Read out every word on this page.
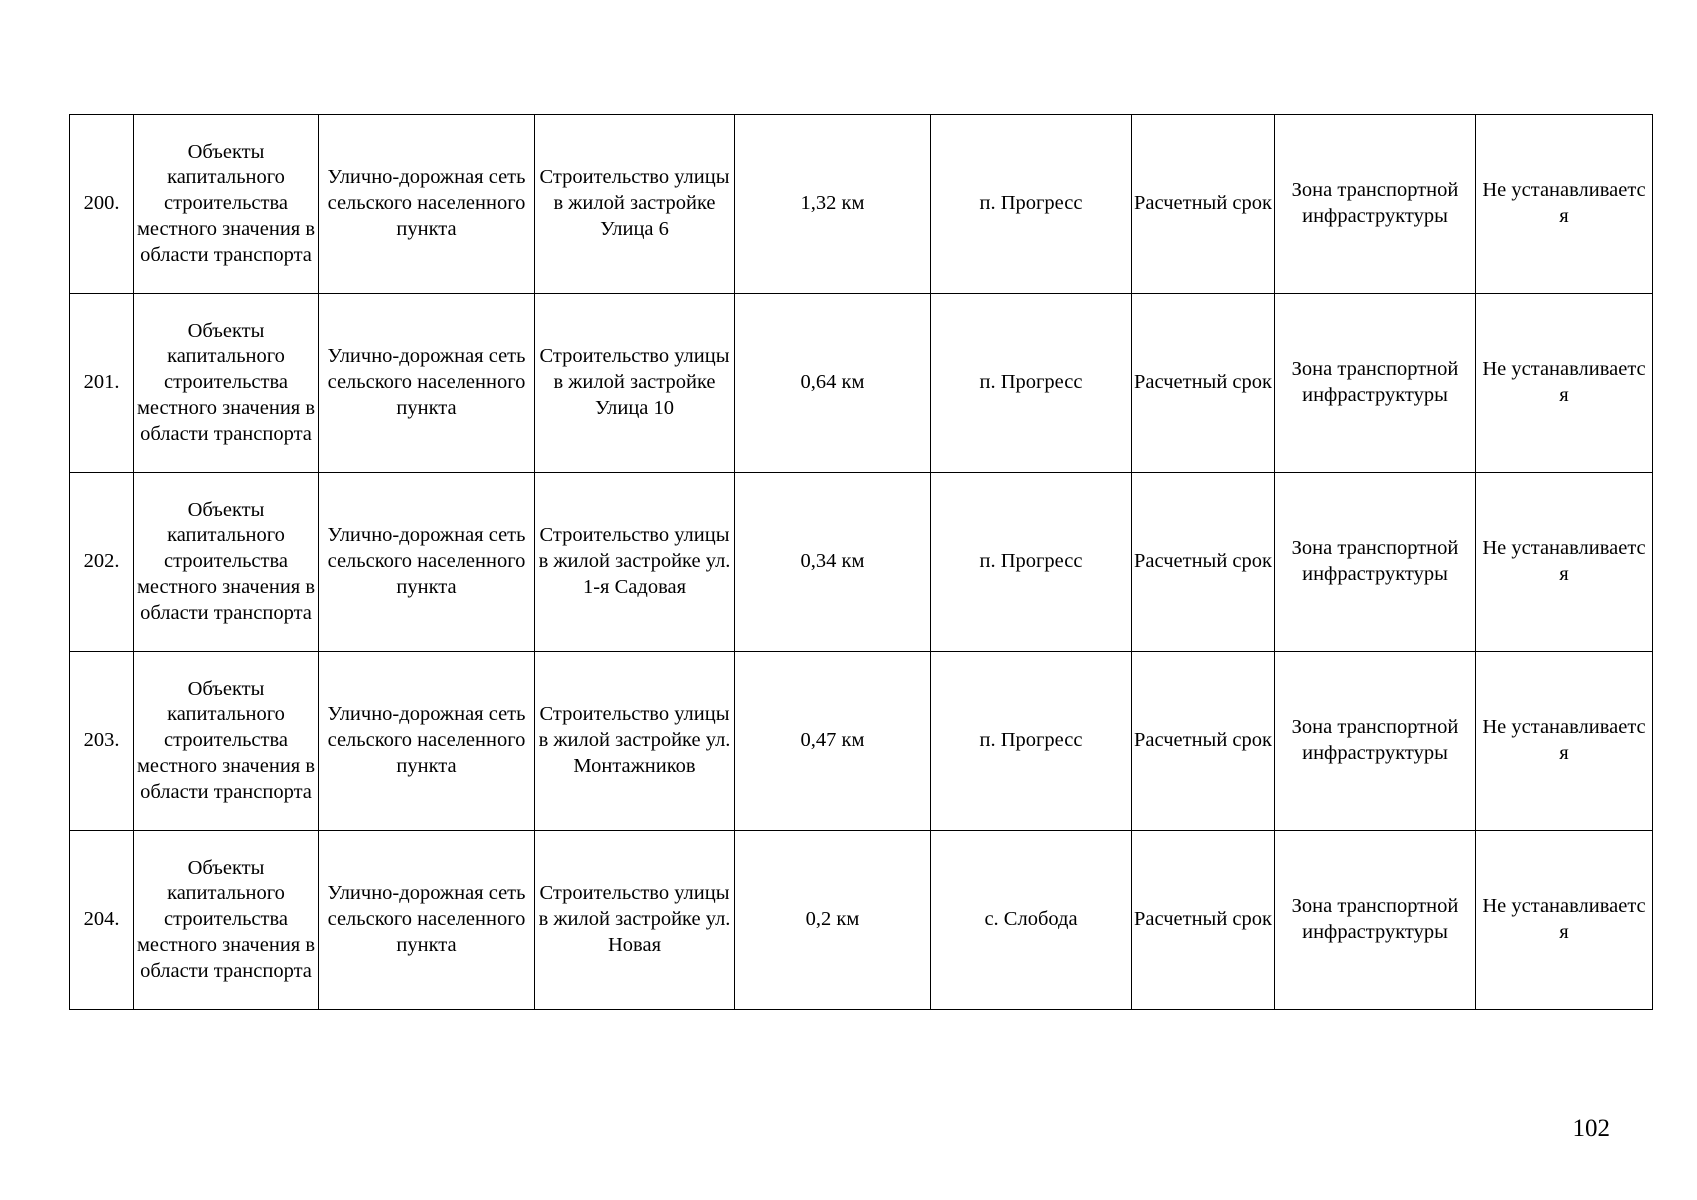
200.	Объекты капитального строительства местного значения в области транспорта	Улично-дорожная сеть сельского населенного пункта	Строительство улицы в жилой застройке Улица 6	1,32 км	п. Прогресс	Расчетный срок	Зона транспортной инфраструктуры	Не устанавливаетс я
201.	Объекты капитального строительства местного значения в области транспорта	Улично-дорожная сеть сельского населенного пункта	Строительство улицы в жилой застройке Улица 10	0,64 км	п. Прогресс	Расчетный срок	Зона транспортной инфраструктуры	Не устанавливаетс я
202.	Объекты капитального строительства местного значения в области транспорта	Улично-дорожная сеть сельского населенного пункта	Строительство улицы в жилой застройке ул. 1-я Садовая	0,34 км	п. Прогресс	Расчетный срок	Зона транспортной инфраструктуры	Не устанавливаетс я
203.	Объекты капитального строительства местного значения в области транспорта	Улично-дорожная сеть сельского населенного пункта	Строительство улицы в жилой застройке ул. Монтажников	0,47 км	п. Прогресс	Расчетный срок	Зона транспортной инфраструктуры	Не устанавливаетс я
204.	Объекты капитального строительства местного значения в области транспорта	Улично-дорожная сеть сельского населенного пункта	Строительство улицы в жилой застройке ул. Новая	0,2 км	с. Слобода	Расчетный срок	Зона транспортной инфраструктуры	Не устанавливаетс я
102
